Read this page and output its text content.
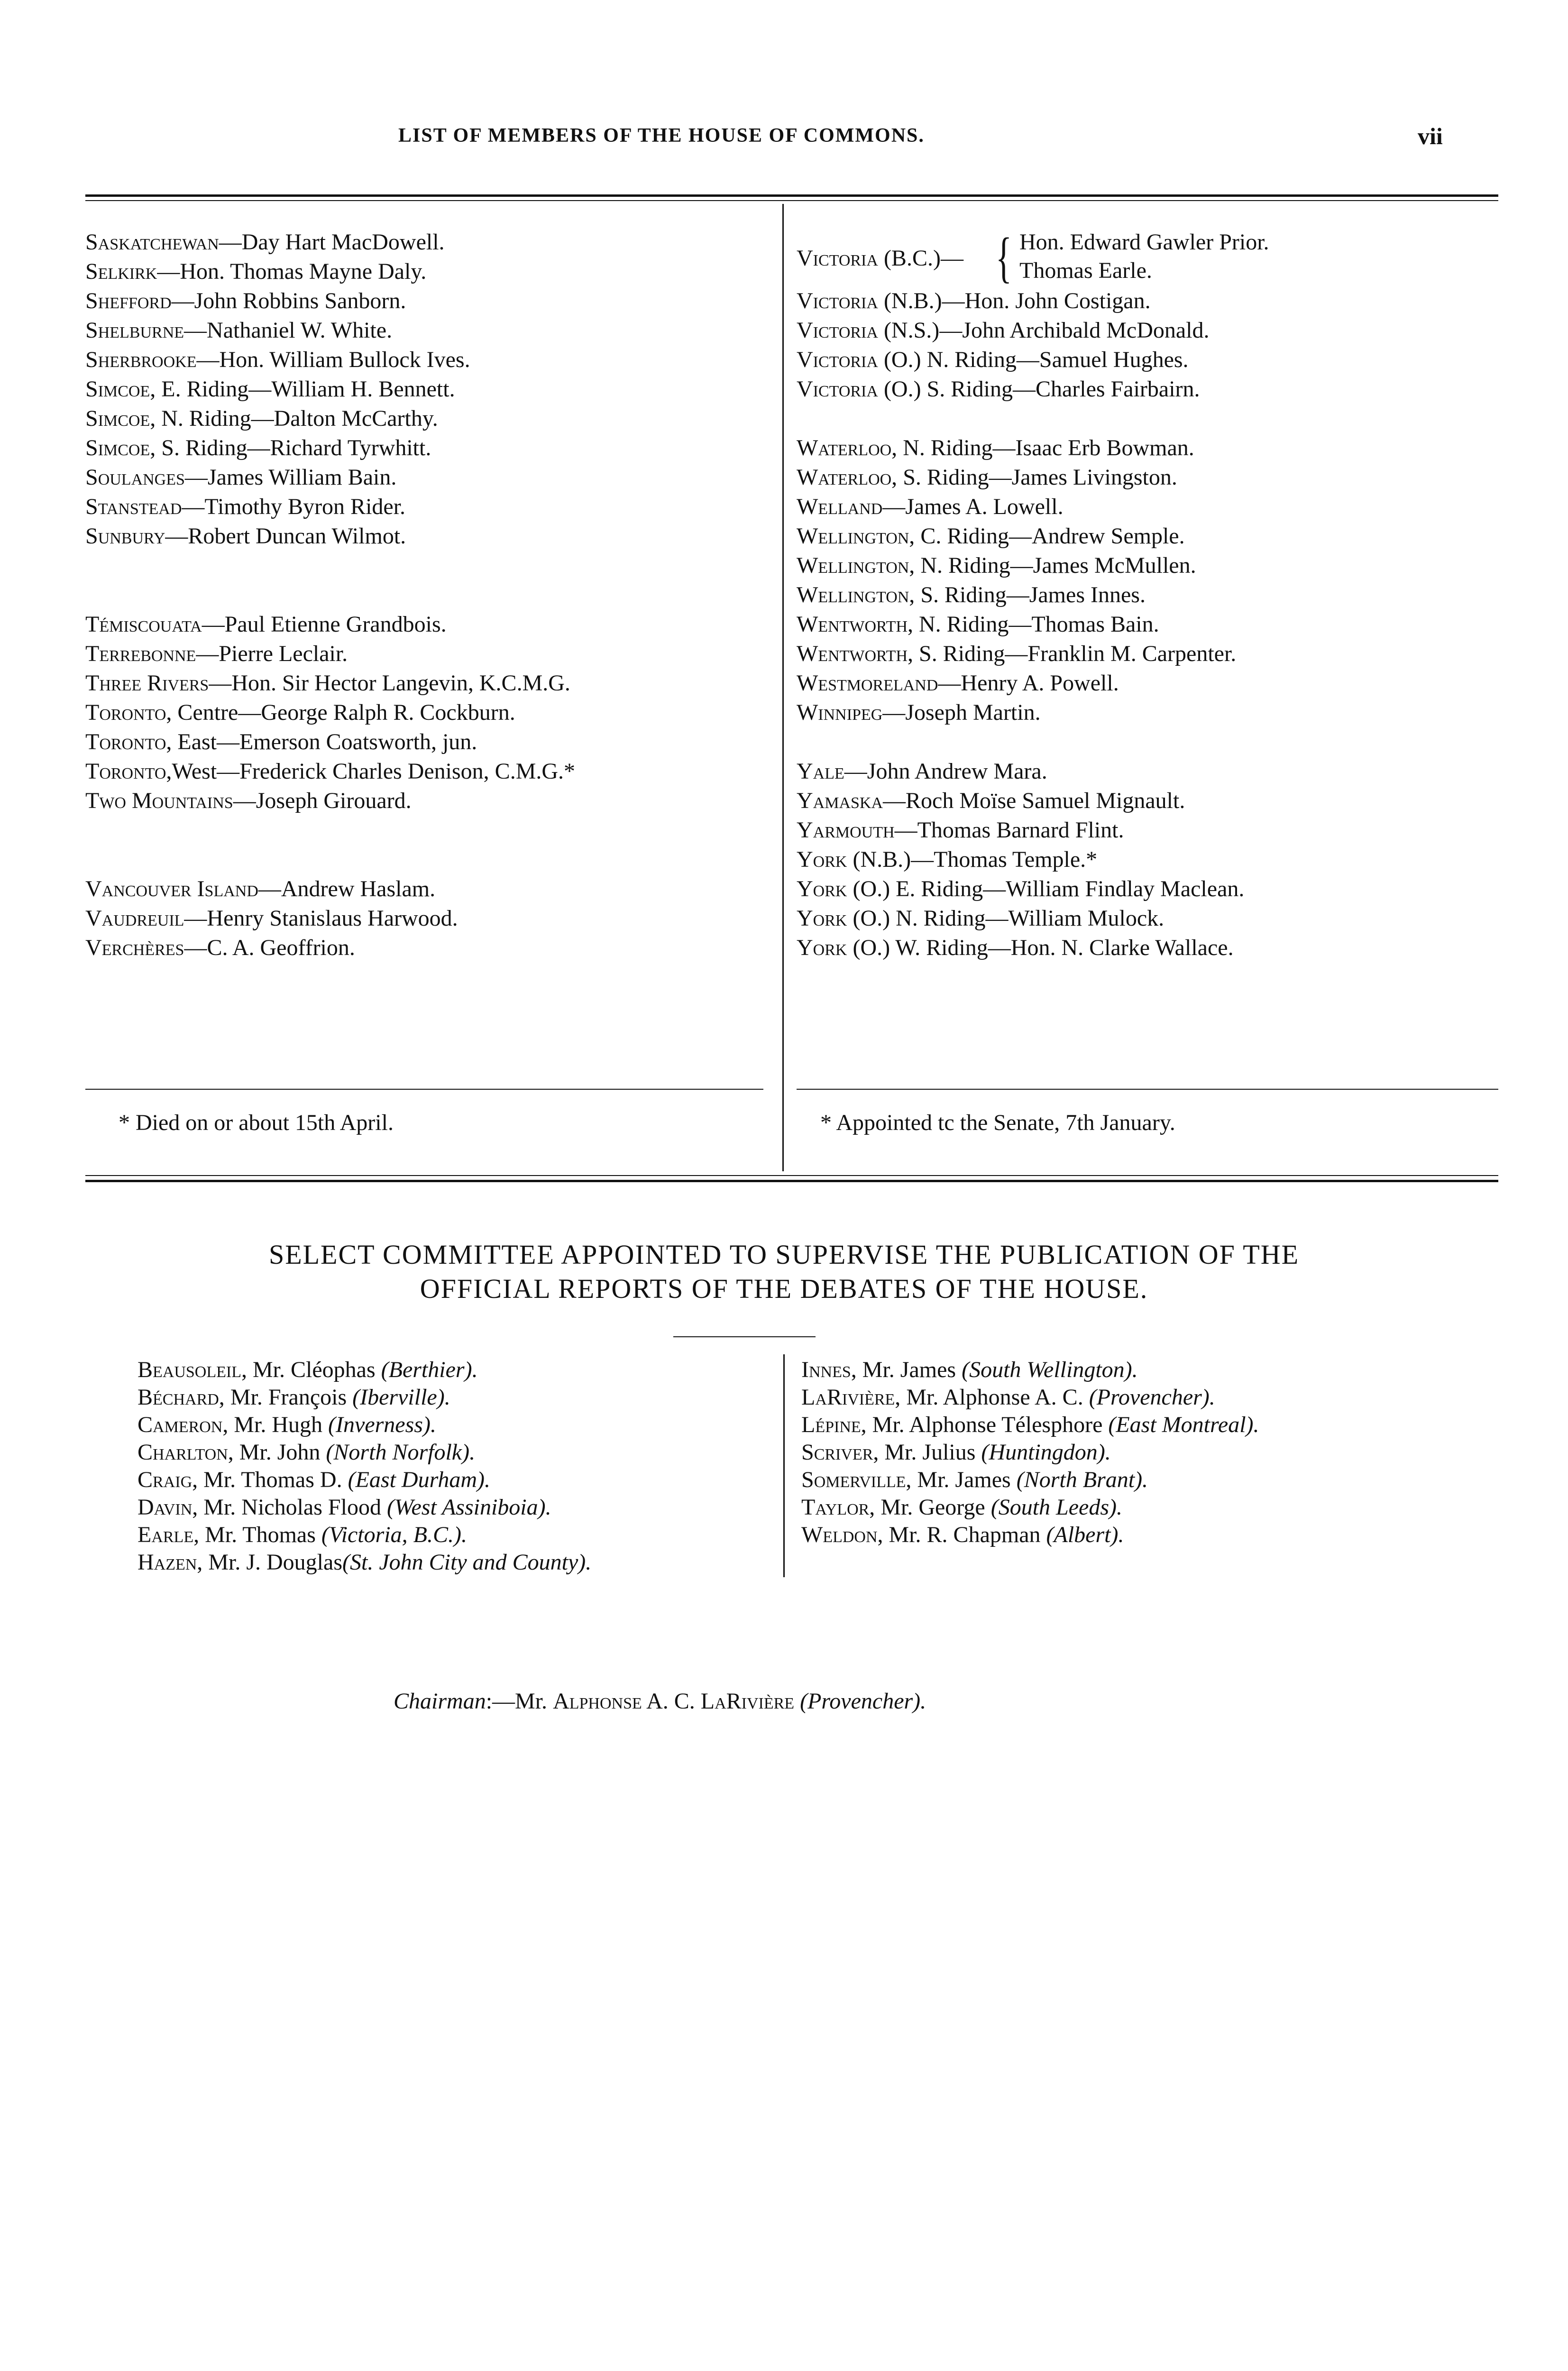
LIST OF MEMBERS OF THE HOUSE OF COMMONS.	vii
Saskatchewan—Day Hart MacDowell.
Selkirk—Hon. Thomas Mayne Daly.
Shefford—John Robbins Sanborn.
Shelburne—Nathaniel W. White.
Sherbrooke—Hon. William Bullock Ives.
Simcoe, E. Riding—William H. Bennett.
Simcoe, N. Riding—Dalton McCarthy.
Simcoe, S. Riding—Richard Tyrwhitt.
Soulanges—James William Bain.
Stanstead—Timothy Byron Rider.
Sunbury—Robert Duncan Wilmot.
Témiscouata—Paul Etienne Grandbois.
Terrebonne—Pierre Leclair.
Three Rivers—Hon. Sir Hector Langevin, K.C.M.G.
Toronto, Centre—George Ralph R. Cockburn.
Toronto, East—Emerson Coatsworth, jun.
Toronto,West—Frederick Charles Denison, C.M.G.*
Two Mountains—Joseph Girouard.
Vancouver Island—Andrew Haslam.
Vaudreuil—Henry Stanislaus Harwood.
Verchères—C. A. Geoffrion.
Victoria (B.C.)— { Hon. Edward Gawler Prior.
Thomas Earle.
Victoria (N.B.)—Hon. John Costigan.
Victoria (N.S.)—John Archibald McDonald.
Victoria (O.) N. Riding—Samuel Hughes.
Victoria (O.) S. Riding—Charles Fairbairn.
Waterloo, N. Riding—Isaac Erb Bowman.
Waterloo, S. Riding—James Livingston.
Welland—James A. Lowell.
Wellington, C. Riding—Andrew Semple.
Wellington, N. Riding—James McMullen.
Wellington, S. Riding—James Innes.
Wentworth, N. Riding—Thomas Bain.
Wentworth, S. Riding—Franklin M. Carpenter.
Westmoreland—Henry A. Powell.
Winnipeg—Joseph Martin.
Yale—John Andrew Mara.
Yamaska—Roch Moïse Samuel Mignault.
Yarmouth—Thomas Barnard Flint.
York (N.B.)—Thomas Temple.*
York (O.) E. Riding—William Findlay Maclean.
York (O.) N. Riding—William Mulock.
York (O.) W. Riding—Hon. N. Clarke Wallace.
* Died on or about 15th April.	* Appointed tc the Senate, 7th January.
SELECT COMMITTEE APPOINTED TO SUPERVISE THE PUBLICATION OF THE
OFFICIAL REPORTS OF THE DEBATES OF THE HOUSE.
Beausoleil, Mr. Cléophas (Berthier).
Béchard, Mr. François (Iberville).
Cameron, Mr. Hugh (Inverness).
Charlton, Mr. John (North Norfolk).
Craig, Mr. Thomas D. (East Durham).
Davin, Mr. Nicholas Flood (West Assiniboia).
Earle, Mr. Thomas (Victoria, B.C.).
Hazen, Mr. J. Douglas(St. John City and County).
Innes, Mr. James (South Wellington).
LaRivière, Mr. Alphonse A. C. (Provencher).
Lépine, Mr. Alphonse Télesphore (East Montreal).
Scriver, Mr. Julius (Huntingdon).
Somerville, Mr. James (North Brant).
Taylor, Mr. George (South Leeds).
Weldon, Mr. R. Chapman (Albert).
Chairman:—Mr. Alphonse A. C. LaRivière (Provencher).
